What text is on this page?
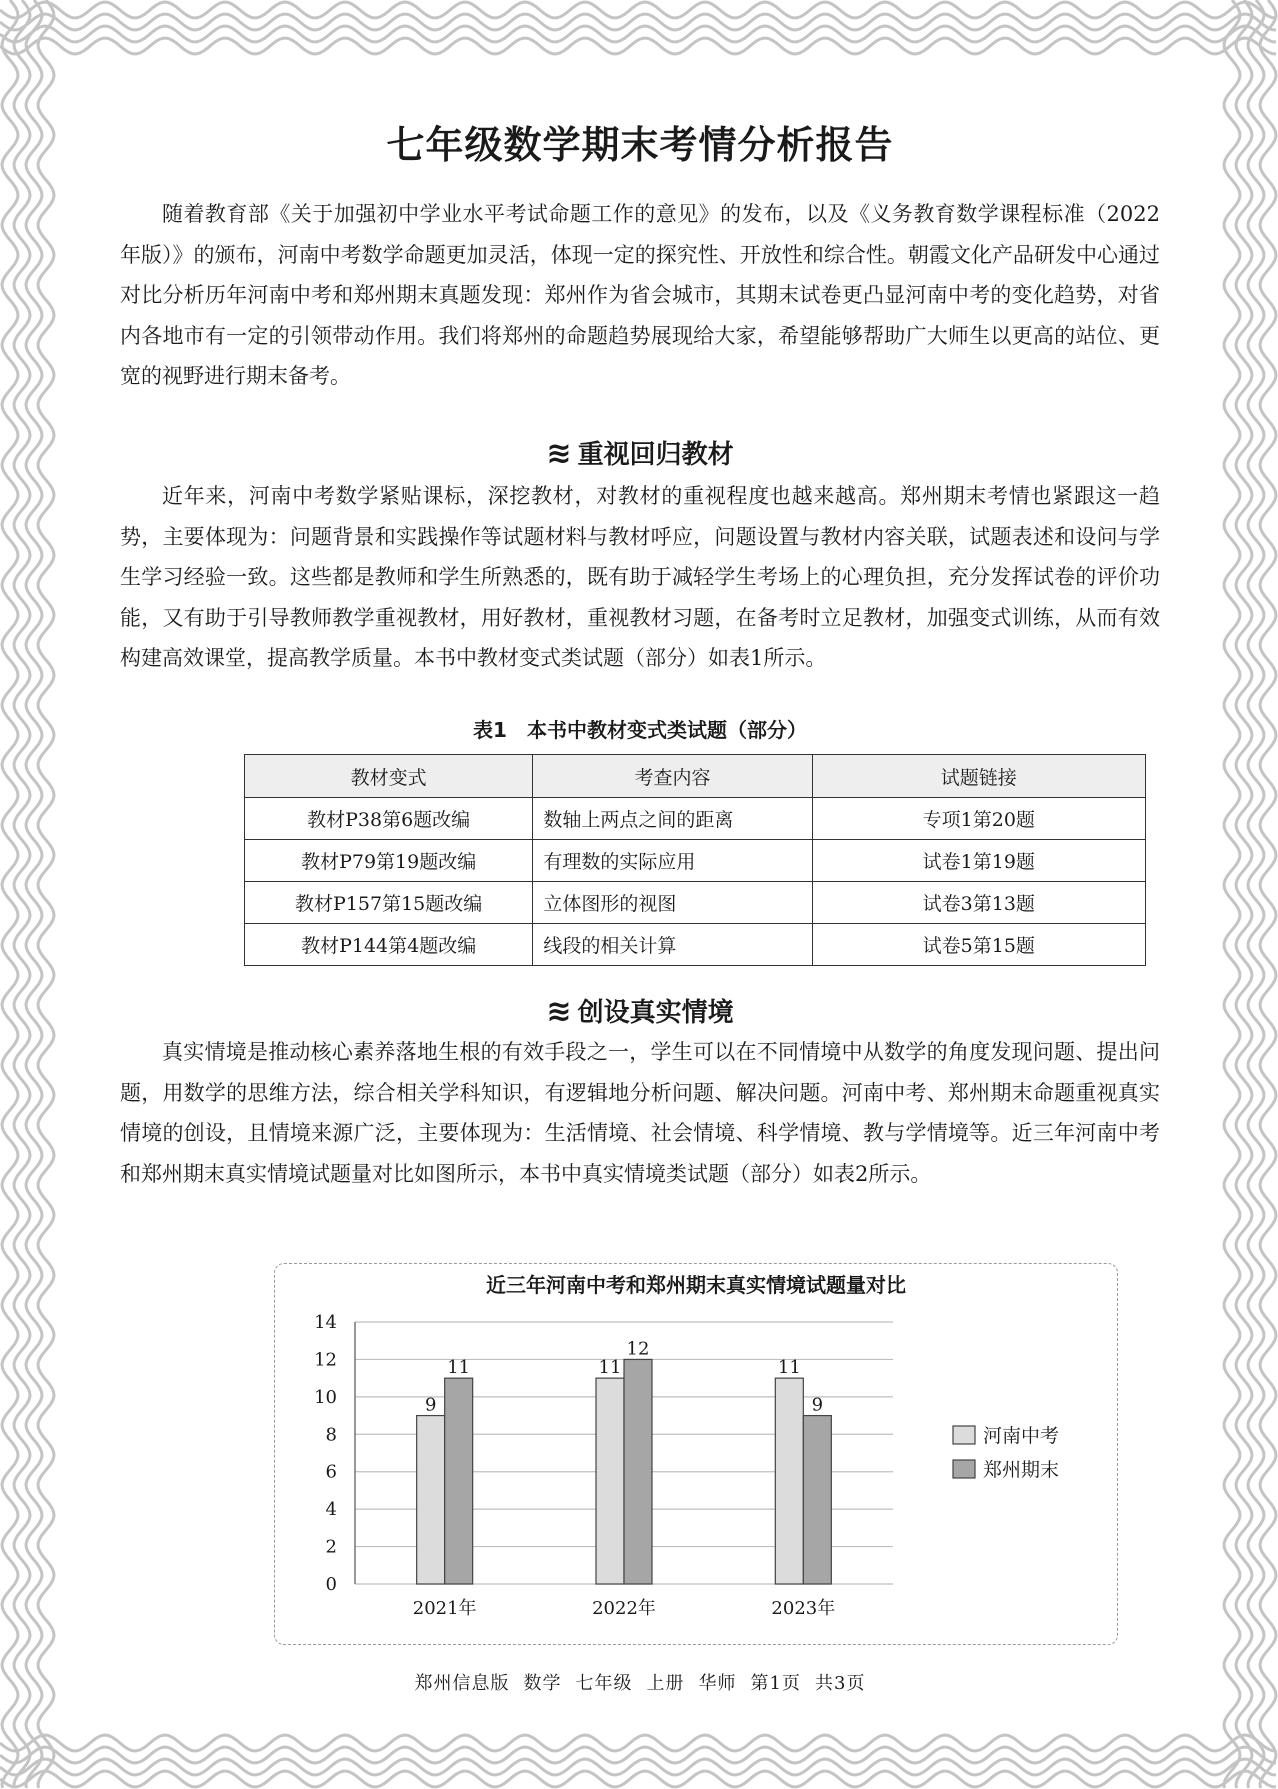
七年级数学期末考情分析报告

随着教育部《关于加强初中学业水平考试命题工作的意见》的发布，以及《义务教育数学课程标准（2022年版）》的颁布，河南中考数学命题更加灵活，体现一定的探究性、开放性和综合性。朝霞文化产品研发中心通过对比分析历年河南中考和郑州期末真题发现：郑州作为省会城市，其期末试卷更凸显河南中考的变化趋势，对省内各地市有一定的引领带动作用。我们将郑州的命题趋势展现给大家，希望能够帮助广大师生以更高的站位、更宽的视野进行期末备考。

≋ 重视回归教材

近年来，河南中考数学紧贴课标，深挖教材，对教材的重视程度也越来越高。郑州期末考情也紧跟这一趋势，主要体现为：问题背景和实践操作等试题材料与教材呼应，问题设置与教材内容关联，试题表述和设问与学生学习经验一致。这些都是教师和学生所熟悉的，既有助于减轻学生考场上的心理负担，充分发挥试卷的评价功能，又有助于引导教师教学重视教材，用好教材，重视教材习题，在备考时立足教材，加强变式训练，从而有效构建高效课堂，提高教学质量。本书中教材变式类试题（部分）如表1所示。

表1　本书中教材变式类试题（部分）
教材变式	考查内容	试题链接
教材P38第6题改编	数轴上两点之间的距离	专项1第20题
教材P79第19题改编	有理数的实际应用	试卷1第19题
教材P157第15题改编	立体图形的视图	试卷3第13题
教材P144第4题改编	线段的相关计算	试卷5第15题
≋ 创设真实情境

真实情境是推动核心素养落地生根的有效手段之一，学生可以在不同情境中从数学的角度发现问题、提出问题，用数学的思维方法，综合相关学科知识，有逻辑地分析问题、解决问题。河南中考、郑州期末命题重视真实情境的创设，且情境来源广泛，主要体现为：生活情境、社会情境、科学情境、教与学情境等。近三年河南中考和郑州期末真实情境试题量对比如图所示，本书中真实情境类试题（部分）如表2所示。

近三年河南中考和郑州期末真实情境试题量对比
0
2
4
6
8
10
12
14
2021年
9
11
2022年
11
12
2023年
11
9
河南中考
郑州期末
郑州信息版 数学 七年级 上册 华师 第1页 共3页
